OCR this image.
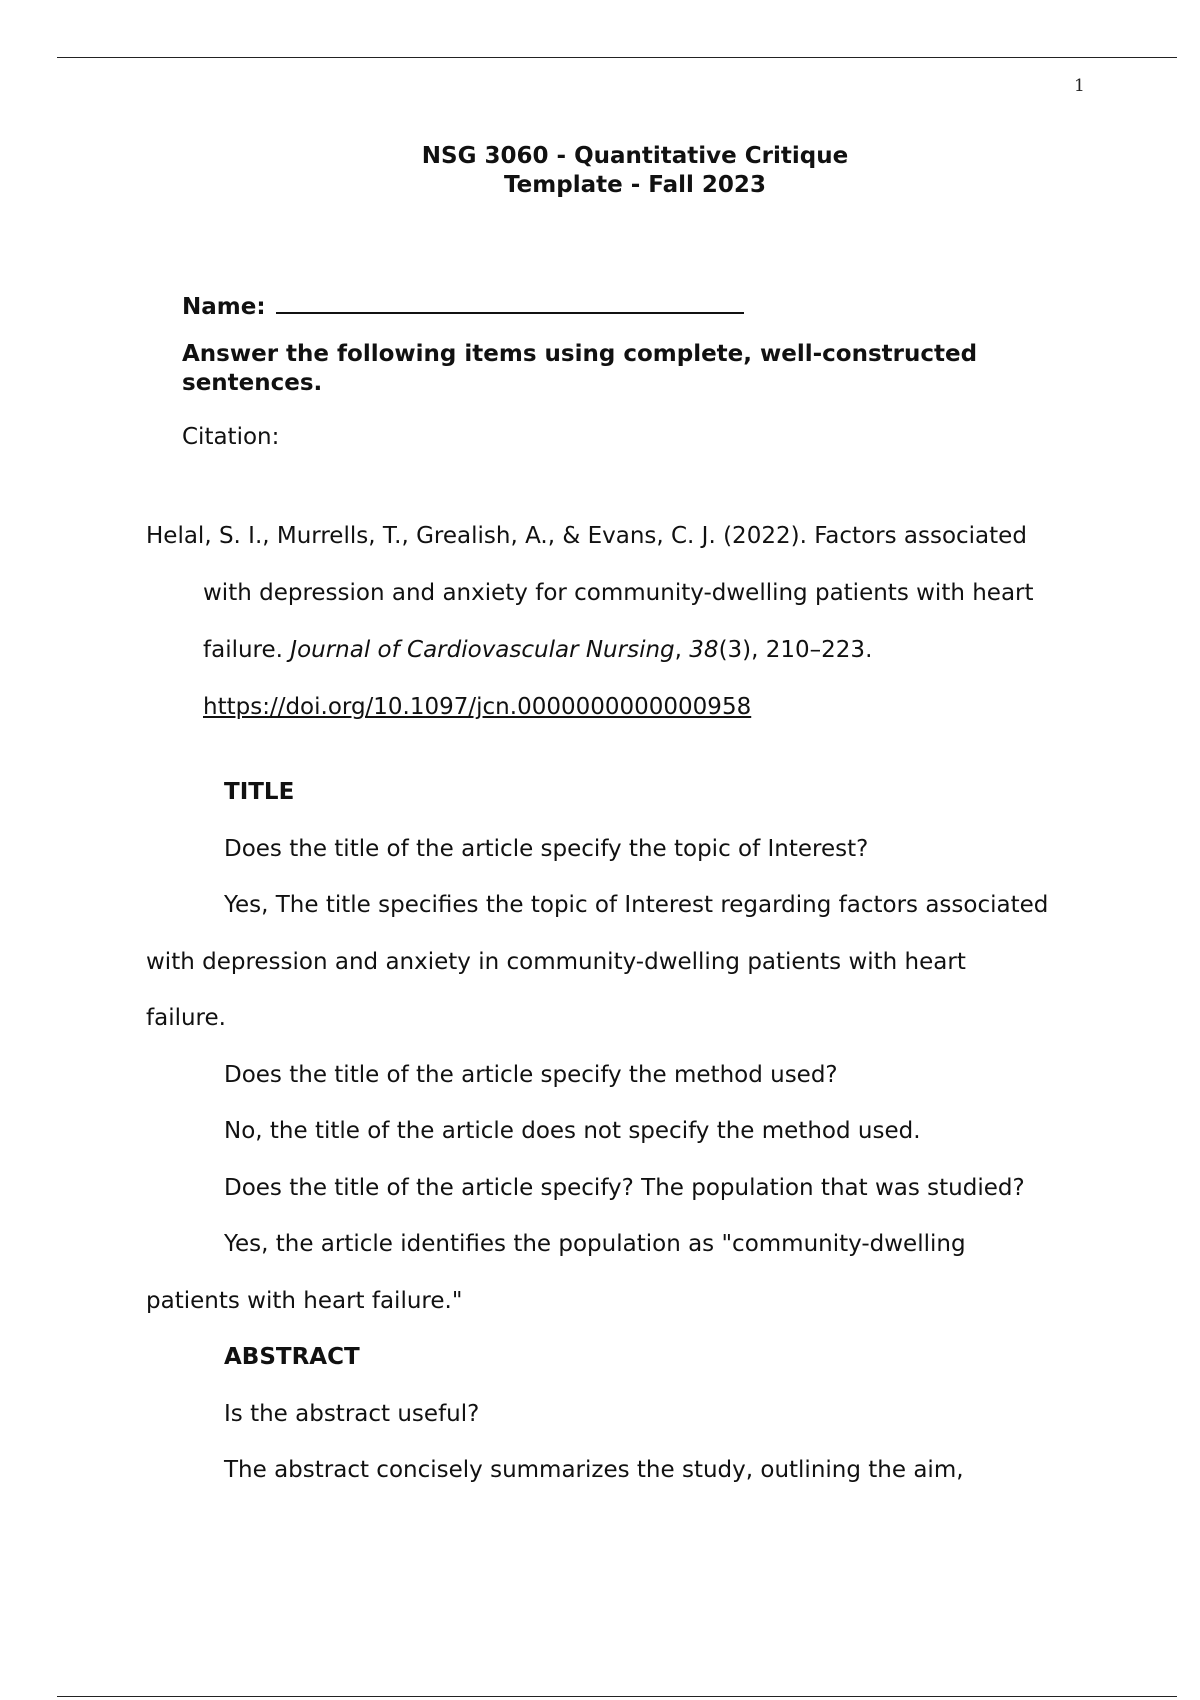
1
NSG 3060 - Quantitative Critique
Template - Fall 2023
Name:
Answer the following items using complete, well-constructed
sentences.
Citation:
Helal, S. I., Murrells, T., Grealish, A., & Evans, C. J. (2022). Factors associated
with depression and anxiety for community-dwelling patients with heart
failure. Journal of Cardiovascular Nursing, 38(3), 210–223.
https://doi.org/10.1097/jcn.0000000000000958
TITLE
Does the title of the article specify the topic of Interest?
Yes, The title specifies the topic of Interest regarding factors associated
with depression and anxiety in community-dwelling patients with heart
failure.
Does the title of the article specify the method used?
No, the title of the article does not specify the method used.
Does the title of the article specify? The population that was studied?
Yes, the article identifies the population as "community-dwelling
patients with heart failure."
ABSTRACT
Is the abstract useful?
The abstract concisely summarizes the study, outlining the aim,
